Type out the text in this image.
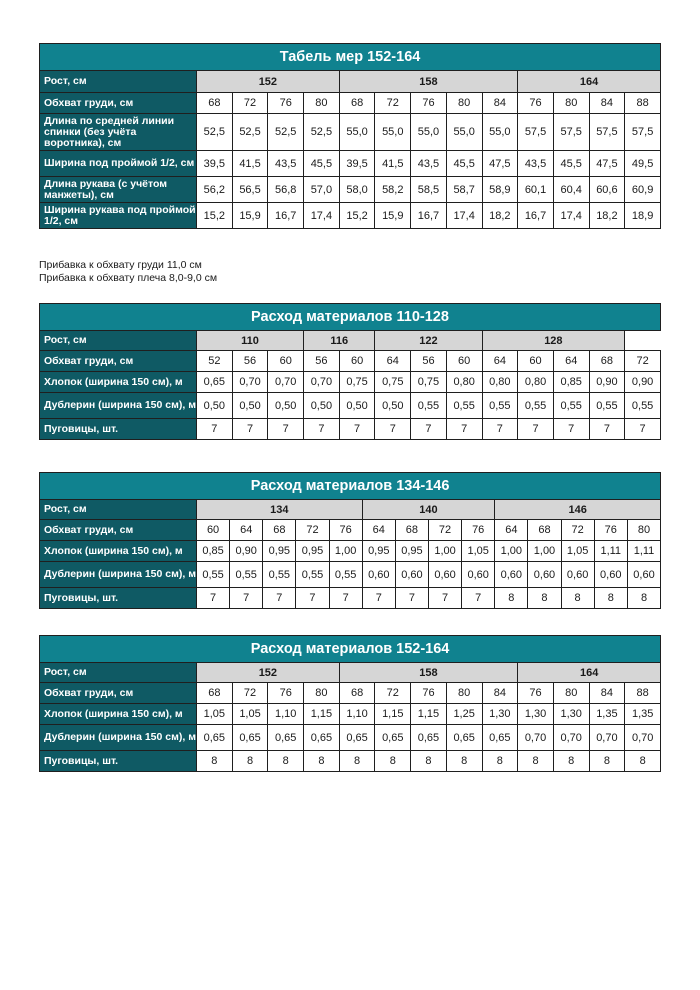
Табель мер 152-164													
Рост, см	152				158					164			
Обхват груди, см	68	72	76	80	68	72	76	80	84	76	80	84	88
Длина по средней линии спинки (без учёта воротника), см	52,5	52,5	52,5	52,5	55,0	55,0	55,0	55,0	55,0	57,5	57,5	57,5	57,5
Ширина под проймой 1/2, см	39,5	41,5	43,5	45,5	39,5	41,5	43,5	45,5	47,5	43,5	45,5	47,5	49,5
Длина рукава (с учётом манжеты), см	56,2	56,5	56,8	57,0	58,0	58,2	58,5	58,7	58,9	60,1	60,4	60,6	60,9
Ширина рукава под проймой 1/2, см	15,2	15,9	16,7	17,4	15,2	15,9	16,7	17,4	18,2	16,7	17,4	18,2	18,9
Прибавка к обхвату груди 11,0 см
Прибавка к обхвату плеча 8,0-9,0 см
Расход материалов 110-128													
Рост, см	110			116		122			128				
Обхват груди, см	52	56	60	56	60	64	56	60	64	60	64	68	72
Хлопок (ширина 150 см), м	0,65	0,70	0,70	0,70	0,75	0,75	0,75	0,80	0,80	0,80	0,85	0,90	0,90
Дублерин (ширина 150 см), м	0,50	0,50	0,50	0,50	0,50	0,50	0,55	0,55	0,55	0,55	0,55	0,55	0,55
Пуговицы, шт.	7	7	7	7	7	7	7	7	7	7	7	7	7
Расход материалов 134-146														
Рост, см	134					140				146				
Обхват груди, см	60	64	68	72	76	64	68	72	76	64	68	72	76	80
Хлопок (ширина 150 см), м	0,85	0,90	0,95	0,95	1,00	0,95	0,95	1,00	1,05	1,00	1,00	1,05	1,11	1,11
Дублерин (ширина 150 см), м	0,55	0,55	0,55	0,55	0,55	0,60	0,60	0,60	0,60	0,60	0,60	0,60	0,60	0,60
Пуговицы, шт.	7	7	7	7	7	7	7	7	7	8	8	8	8	8
Расход материалов 152-164													
Рост, см	152				158					164			
Обхват груди, см	68	72	76	80	68	72	76	80	84	76	80	84	88
Хлопок (ширина 150 см), м	1,05	1,05	1,10	1,15	1,10	1,15	1,15	1,25	1,30	1,30	1,30	1,35	1,35
Дублерин (ширина 150 см), м	0,65	0,65	0,65	0,65	0,65	0,65	0,65	0,65	0,65	0,70	0,70	0,70	0,70
Пуговицы, шт.	8	8	8	8	8	8	8	8	8	8	8	8	8
